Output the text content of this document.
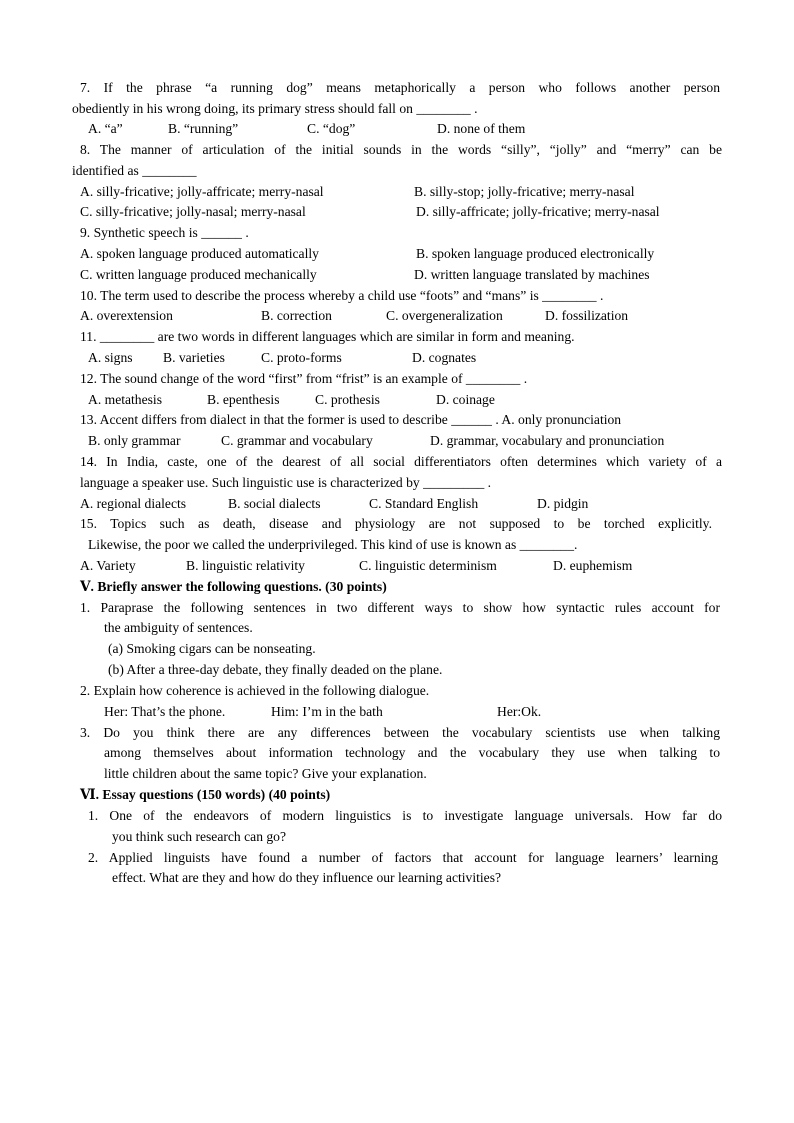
7. If the phrase “a running dog” means metaphorically a person who follows another person
obediently in his wrong doing, its primary stress should fall on ________ .
A. “a”	B. “running”	C. “dog”	D. none of them
8. The manner of articulation of the initial sounds in the words “silly”, “jolly” and “merry” can be
identified as ________
A. silly-fricative; jolly-affricate; merry-nasal	B. silly-stop; jolly-fricative; merry-nasal
C. silly-fricative; jolly-nasal; merry-nasal	D. silly-affricate; jolly-fricative; merry-nasal
9. Synthetic speech is ______ .
A. spoken language produced automatically	B. spoken language produced electronically
C. written language produced mechanically	D. written language translated by machines
10. The term used to describe the process whereby a child use “foots” and “mans” is ________ .
A. overextension	B. correction	C. overgeneralization	D. fossilization
11. ________ are two words in different languages which are similar in form and meaning.
A. signs B. varieties	C. proto-forms	D. cognates
12. The sound change of the word “first” from “frist” is an example of ________ .
A. metathesis	B. epenthesis	C. prothesis	D. coinage
13. Accent differs from dialect in that the former is used to describe ______ . A. only pronunciation
B. only grammar	C. grammar and vocabulary	D. grammar, vocabulary and pronunciation
14. In India, caste, one of the dearest of all social differentiators often determines which variety of a
language a speaker use. Such linguistic use is characterized by _________ .
A. regional dialects	B. social dialects	C. Standard English	D. pidgin
15. Topics such as death, disease and physiology are not supposed to be torched explicitly.
Likewise, the poor we called the underprivileged. This kind of use is known as ________.
A. Variety	B. linguistic relativity	C. linguistic determinism	D. euphemism
Ⅴ. Briefly answer the following questions. (30 points)
1. Paraprase the following sentences in two different ways to show how syntactic rules account for
the ambiguity of sentences.
(a) Smoking cigars can be nonseating.
(b) After a three-day debate, they finally deaded on the plane.
2. Explain how coherence is achieved in the following dialogue.
Her: That’s the phone.	Him: I’m in the bath	Her:Ok.
3. Do you think there are any differences between the vocabulary scientists use when talking
among themselves about information technology and the vocabulary they use when talking to
little children about the same topic? Give your explanation.
Ⅵ. Essay questions (150 words) (40 points)
1. One of the endeavors of modern linguistics is to investigate language universals. How far do
you think such research can go?
2. Applied linguists have found a number of factors that account for language learners’ learning
effect. What are they and how do they influence our learning activities?
